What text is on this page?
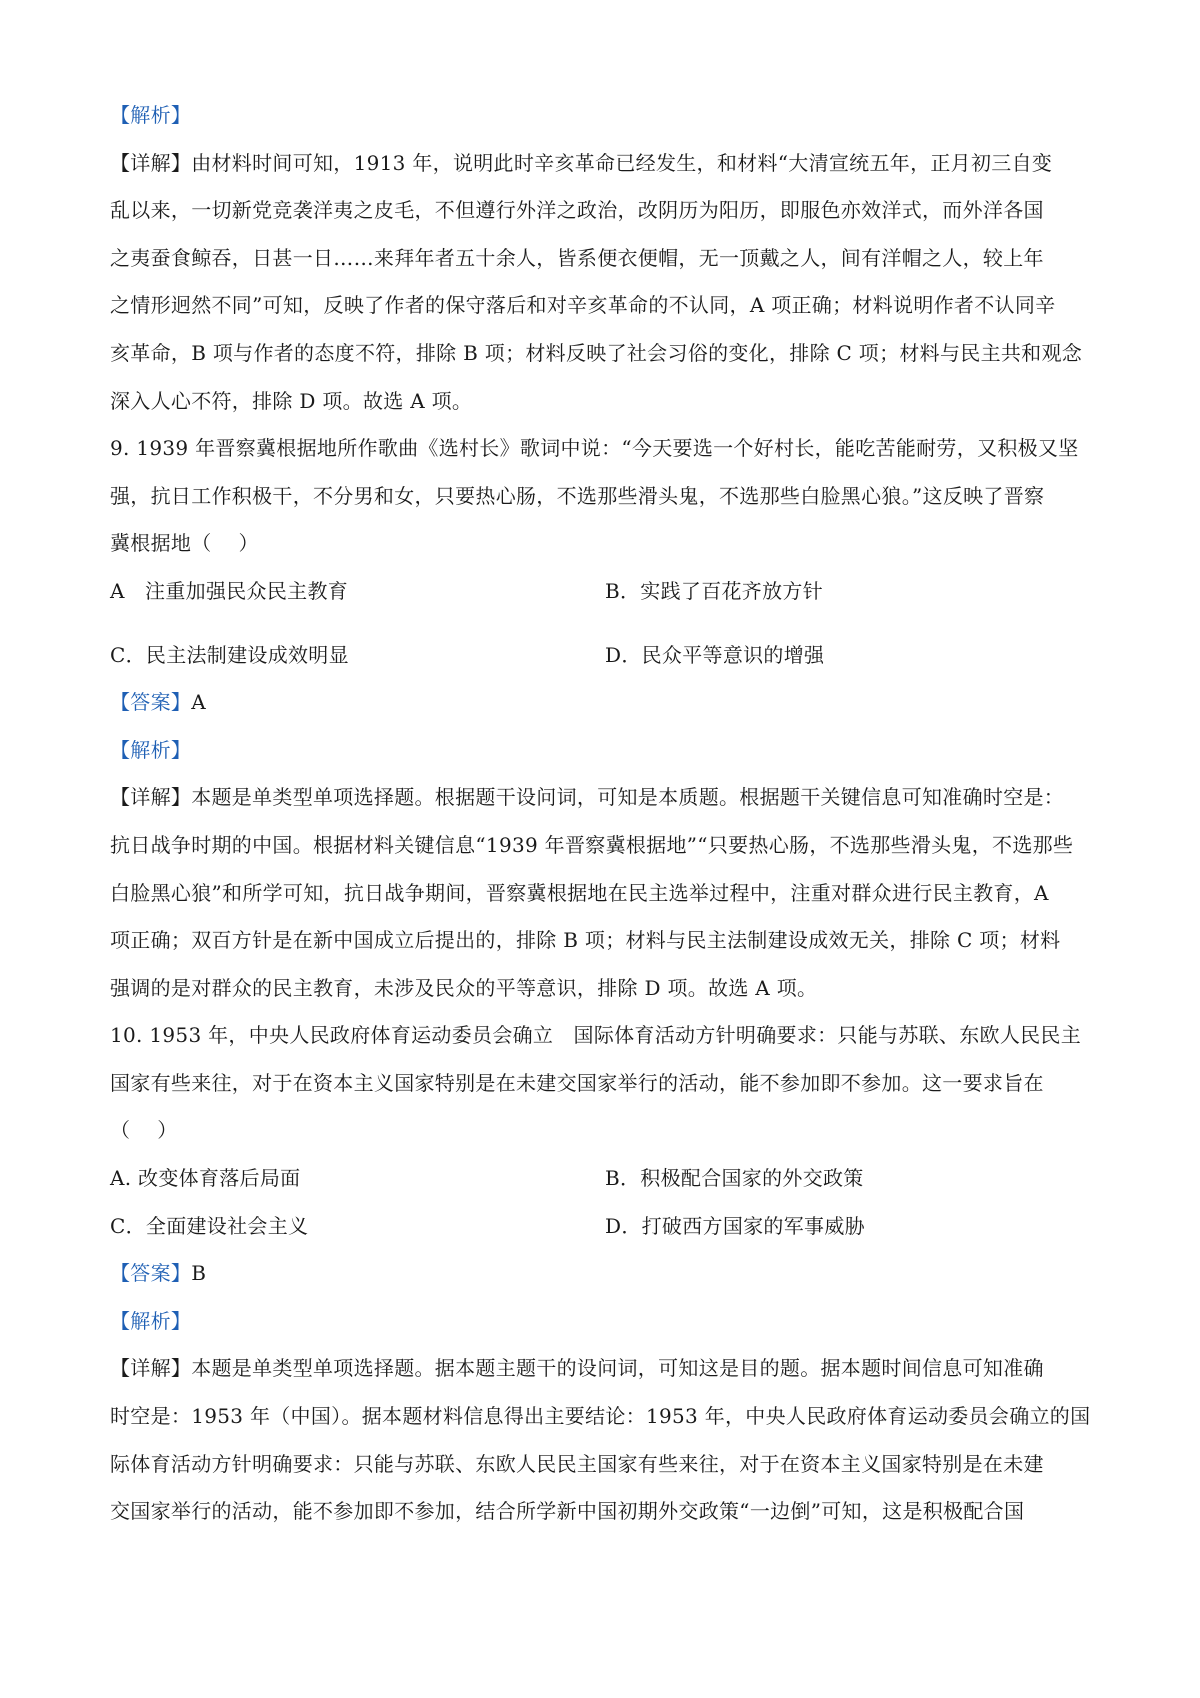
【解析】
【详解】由材料时间可知，1913 年，说明此时辛亥革命已经发生，和材料“大清宣统五年，正月初三自变
乱以来，一切新党竞袭洋夷之皮毛，不但遵行外洋之政治，改阴历为阳历，即服色亦效洋式，而外洋各国
之夷蚕食鲸吞，日甚一日……来拜年者五十余人，皆系便衣便帽，无一顶戴之人，间有洋帽之人，较上年
之情形迥然不同”可知，反映了作者的保守落后和对辛亥革命的不认同，A 项正确；材料说明作者不认同辛
亥革命，B 项与作者的态度不符，排除 B 项；材料反映了社会习俗的变化，排除 C 项；材料与民主共和观念
深入人心不符，排除 D 项。故选 A 项。
9. 1939 年晋察冀根据地所作歌曲《选村长》歌词中说：“今天要选一个好村长，能吃苦能耐劳，又积极又坚
强，抗日工作积极干，不分男和女，只要热心肠，不选那些滑头鬼，不选那些白脸黑心狼。”这反映了晋察
冀根据地（　 ）
A　注重加强民众民主教育	B．实践了百花齐放方针
C．民主法制建设成效明显	D．民众平等意识的增强
【答案】A
【解析】
【详解】本题是单类型单项选择题。根据题干设问词，可知是本质题。根据题干关键信息可知准确时空是：
抗日战争时期的中国。根据材料关键信息“1939 年晋察冀根据地”“只要热心肠，不选那些滑头鬼，不选那些
白脸黑心狼”和所学可知，抗日战争期间，晋察冀根据地在民主选举过程中，注重对群众进行民主教育，A
项正确；双百方针是在新中国成立后提出的，排除 B 项；材料与民主法制建设成效无关，排除 C 项；材料
强调的是对群众的民主教育，未涉及民众的平等意识，排除 D 项。故选 A 项。
10. 1953 年，中央人民政府体育运动委员会确立　国际体育活动方针明确要求：只能与苏联、东欧人民民主
国家有些来往，对于在资本主义国家特别是在未建交国家举行的活动，能不参加即不参加。这一要求旨在
（　 ）
A. 改变体育落后局面	B．积极配合国家的外交政策
C．全面建设社会主义	D．打破西方国家的军事威胁
【答案】B
【解析】
【详解】本题是单类型单项选择题。据本题主题干的设问词，可知这是目的题。据本题时间信息可知准确
时空是：1953 年（中国）。据本题材料信息得出主要结论：1953 年，中央人民政府体育运动委员会确立的国
际体育活动方针明确要求：只能与苏联、东欧人民民主国家有些来往，对于在资本主义国家特别是在未建
交国家举行的活动，能不参加即不参加，结合所学新中国初期外交政策“一边倒”可知，这是积极配合国
